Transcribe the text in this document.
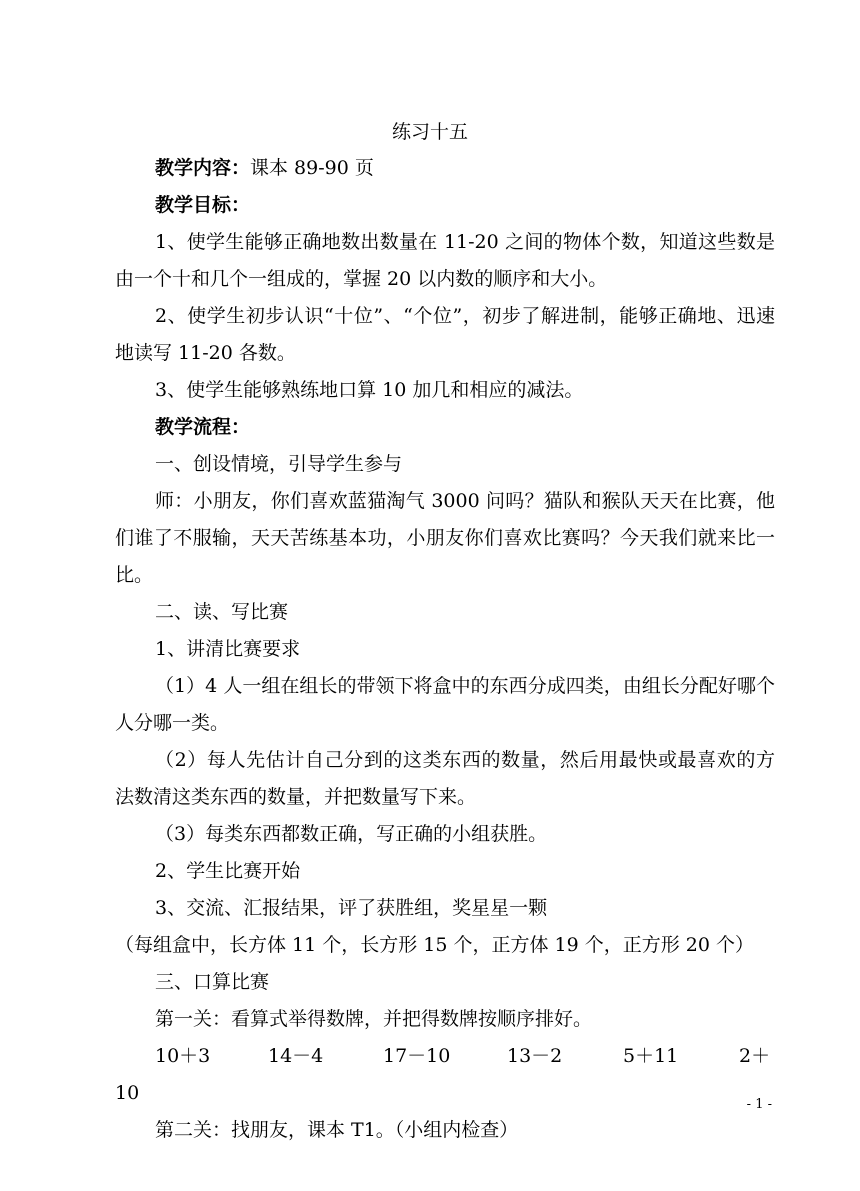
练习十五

教学内容：课本 89-90 页

教学目标：

1、使学生能够正确地数出数量在 11-20 之间的物体个数，知道这些数是由一个十和几个一组成的，掌握 20 以内数的顺序和大小。

2、使学生初步认识“十位”、“个位”，初步了解进制，能够正确地、迅速地读写 11-20 各数。

3、使学生能够熟练地口算 10 加几和相应的减法。

教学流程：

一、创设情境，引导学生参与

师：小朋友，你们喜欢蓝猫淘气 3000 问吗？猫队和猴队天天在比赛，他们谁了不服输，天天苦练基本功，小朋友你们喜欢比赛吗？今天我们就来比一比。

二、读、写比赛

1、讲清比赛要求

（1）4 人一组在组长的带领下将盒中的东西分成四类，由组长分配好哪个人分哪一类。

（2）每人先估计自己分到的这类东西的数量，然后用最快或最喜欢的方法数清这类东西的数量，并把数量写下来。

（3）每类东西都数正确，写正确的小组获胜。

2、学生比赛开始

3、交流、汇报结果，评了获胜组，奖星星一颗

（每组盒中，长方体 11 个，长方形 15 个，正方体 19 个，正方形 20 个）

三、口算比赛

第一关：看算式举得数牌，并把得数牌按顺序排好。

10＋3	14－4	17－10	13－2	5＋11	2＋

10

第二关：找朋友，课本 T1。（小组内检查）

- 1 -
